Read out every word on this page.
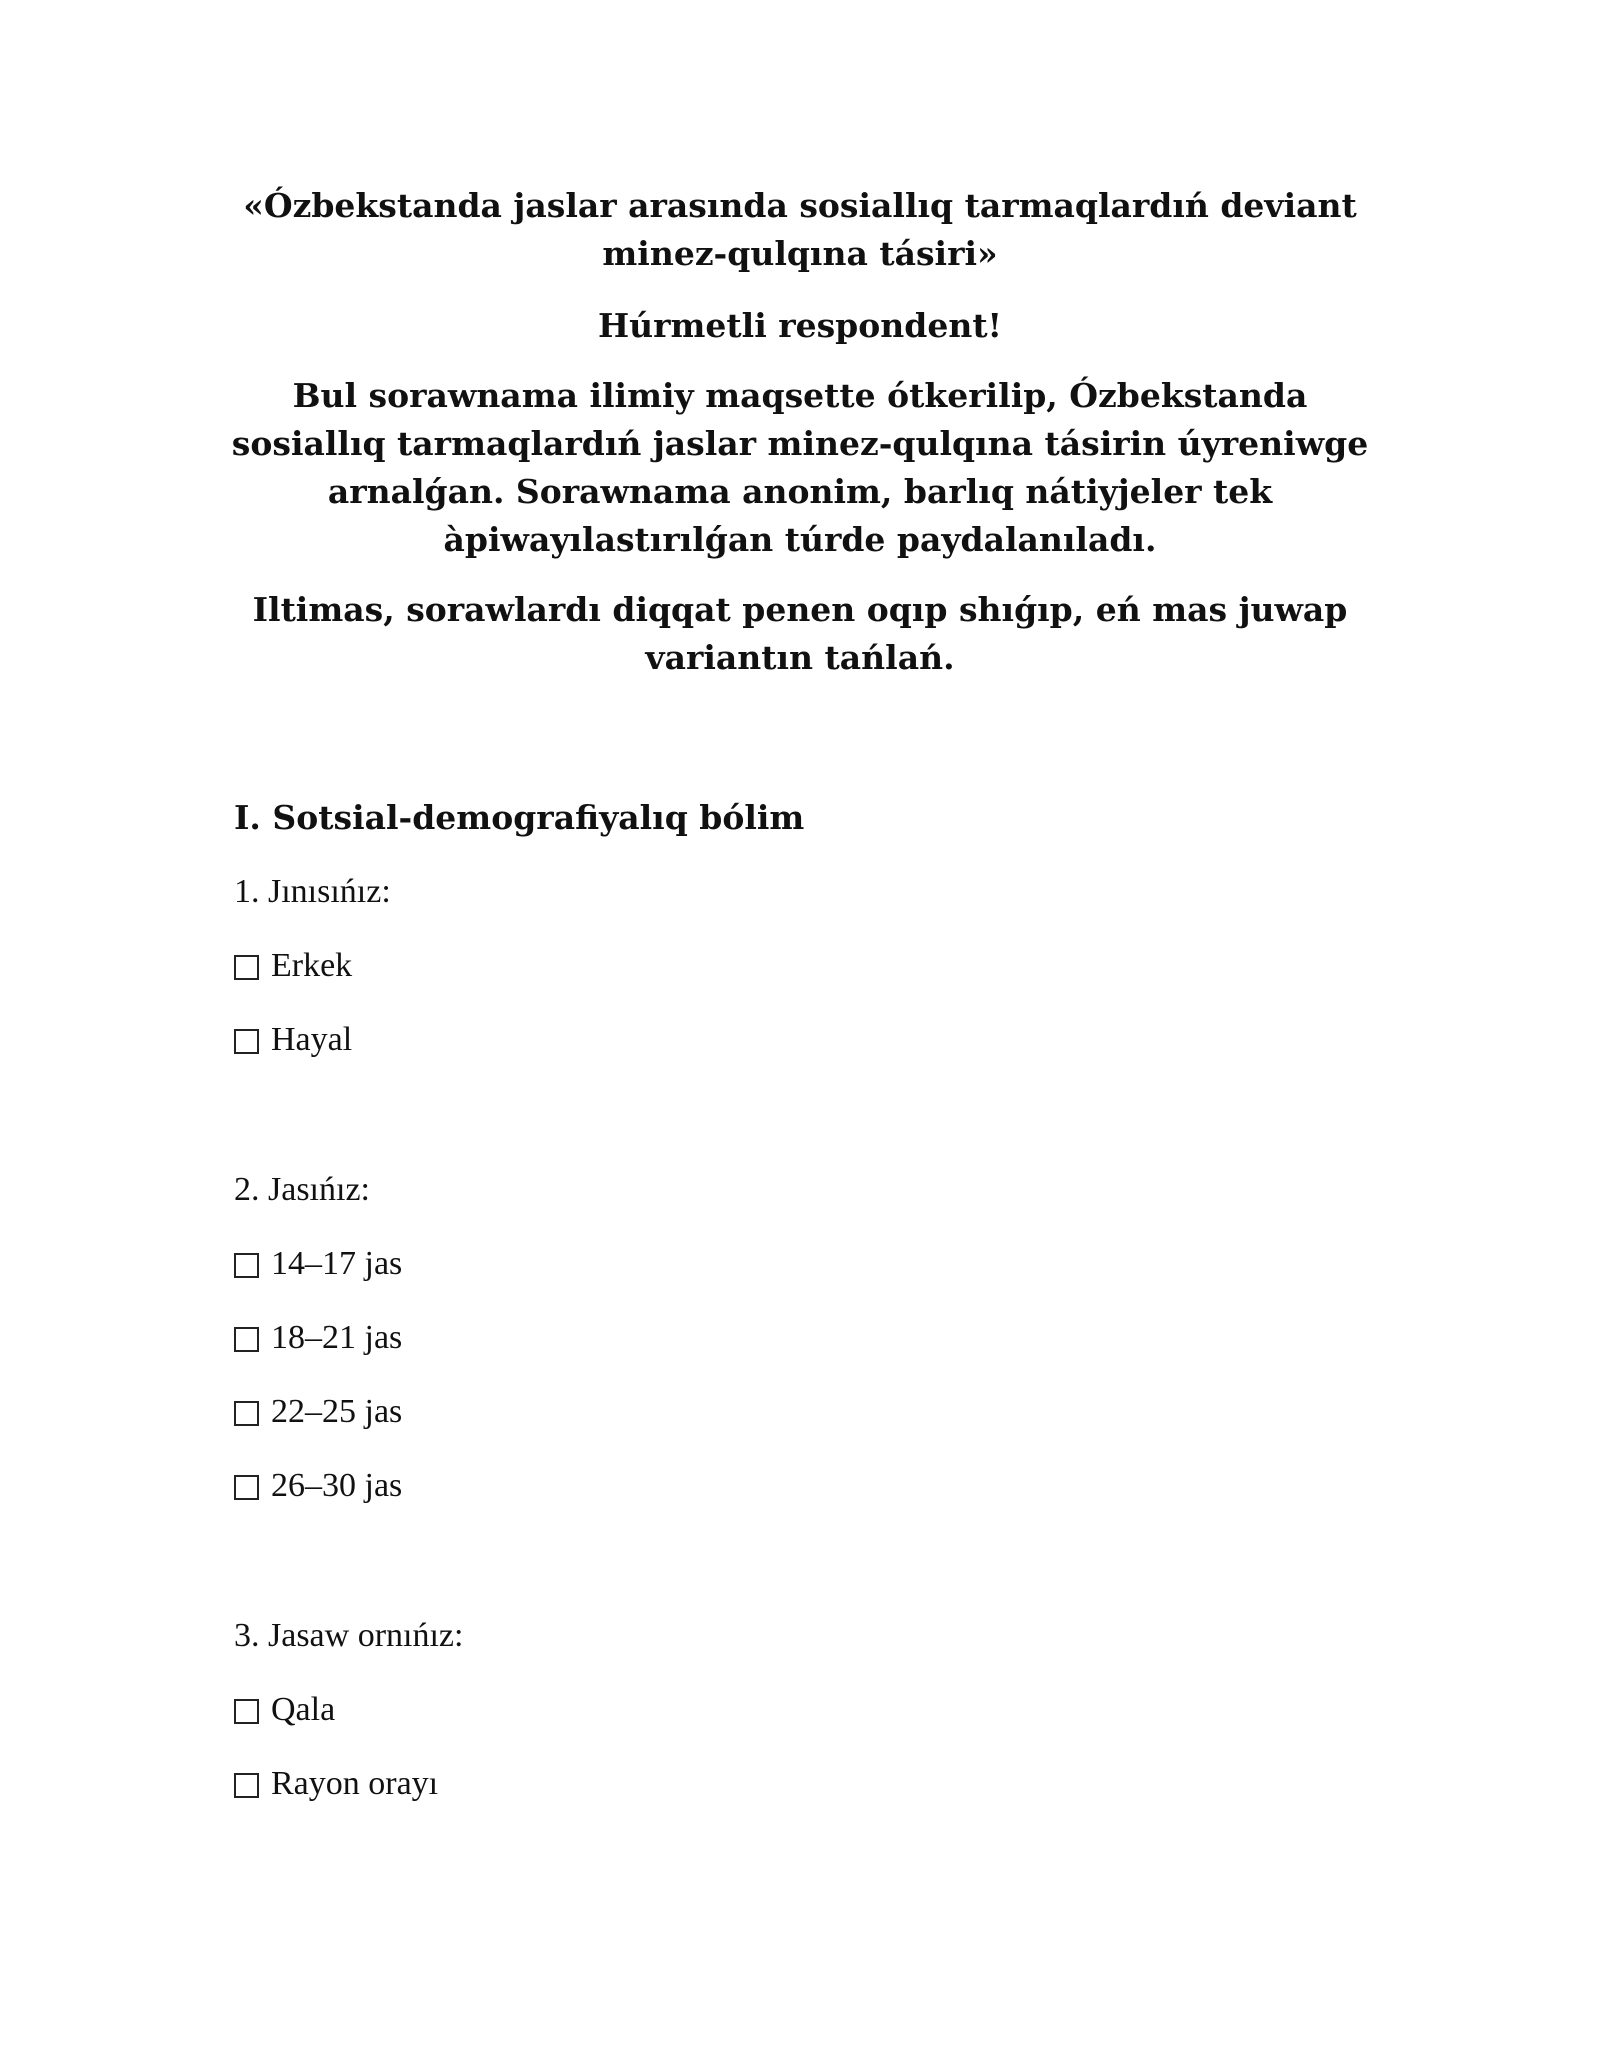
«Ózbekstanda jaslar arasında sosiallıq tarmaqlardıń deviant minez-qulqına tásiri»

Húrmetli respondent!

Bul sorawnama ilimiy maqsette ótkerilip, Ózbekstanda sosiallıq tarmaqlardıń jaslar minez-qulqına tásirin úyreniwge arnalǵan. Sorawnama anonim, barlıq nátiyjeler tek àpiwayılastırılǵan túrde paydalanıladı.

Iltimas, sorawlardı diqqat penen oqıp shıǵıp, eń mas juwap variantın tańlań.

I. Sotsial-demografiyalıq bólim
1. Jınısıńız:
Erkek
Hayal
2. Jasıńız:
14–17 jas
18–21 jas
22–25 jas
26–30 jas
3. Jasaw ornıńız:
Qala
Rayon orayı
